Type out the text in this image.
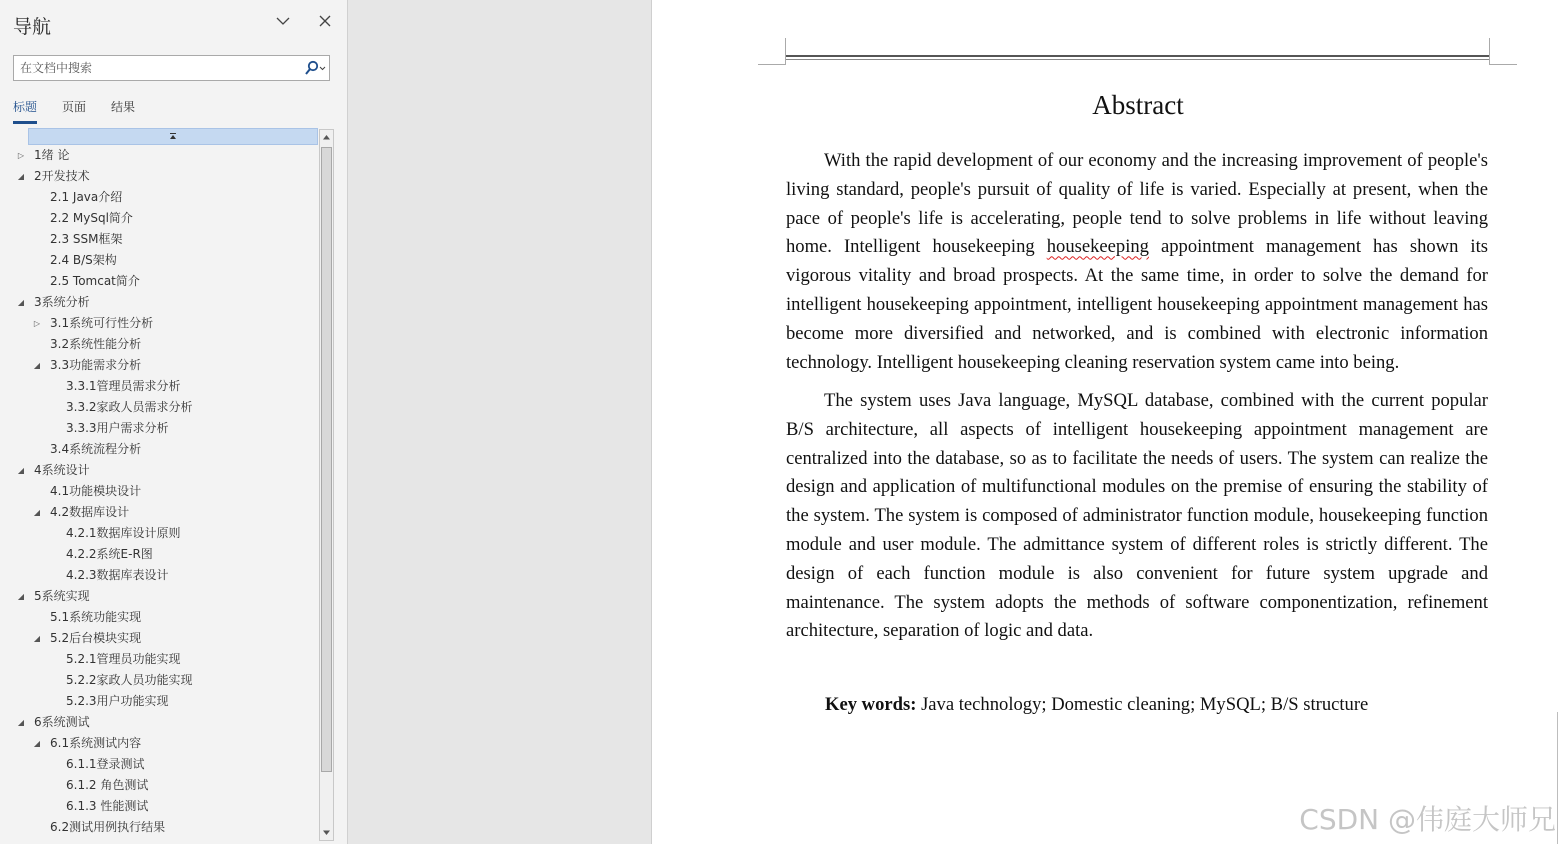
导航
在文档中搜索
标题 页面 结果
▷ 1绪 论
◢ 2开发技术
2.1 Java介绍
2.2 MySql简介
2.3 SSM框架
2.4 B/S架构
2.5 Tomcat简介
◢ 3系统分析
▷ 3.1系统可行性分析
3.2系统性能分析
◢ 3.3功能需求分析
3.3.1管理员需求分析
3.3.2家政人员需求分析
3.3.3用户需求分析
3.4系统流程分析
◢ 4系统设计
4.1功能模块设计
◢ 4.2数据库设计
4.2.1数据库设计原则
4.2.2系统E-R图
4.2.3数据库表设计
◢ 5系统实现
5.1系统功能实现
◢ 5.2后台模块实现
5.2.1管理员功能实现
5.2.2家政人员功能实现
5.2.3用户功能实现
◢ 6系统测试
◢ 6.1系统测试内容
6.1.1登录测试
6.1.2 角色测试
6.1.3 性能测试
6.2测试用例执行结果
Abstract

With the rapid development of our economy and the increasing improvement of people's living standard, people's pursuit of quality of life is varied. Especially at present, when the pace of people's life is accelerating, people tend to solve problems in life without leaving home. Intelligent housekeeping housekeeping appointment management has shown its vigorous vitality and broad prospects. At the same time, in order to solve the demand for intelligent housekeeping appointment, intelligent housekeeping appointment management has become more diversified and networked, and is combined with electronic information technology. Intelligent housekeeping cleaning reservation system came into being.

The system uses Java language, MySQL database, combined with the current popular B/S architecture, all aspects of intelligent housekeeping appointment management are centralized into the database, so as to facilitate the needs of users. The system can realize the design and application of multifunctional modules on the premise of ensuring the stability of the system. The system is composed of administrator function module, housekeeping function module and user module. The admittance system of different roles is strictly different. The design of each function module is also convenient for future system upgrade and maintenance. The system adopts the methods of software componentization, refinement architecture, separation of logic and data.

Key words: Java technology; Domestic cleaning; MySQL; B/S structure
CSDN @伟庭大师兄
